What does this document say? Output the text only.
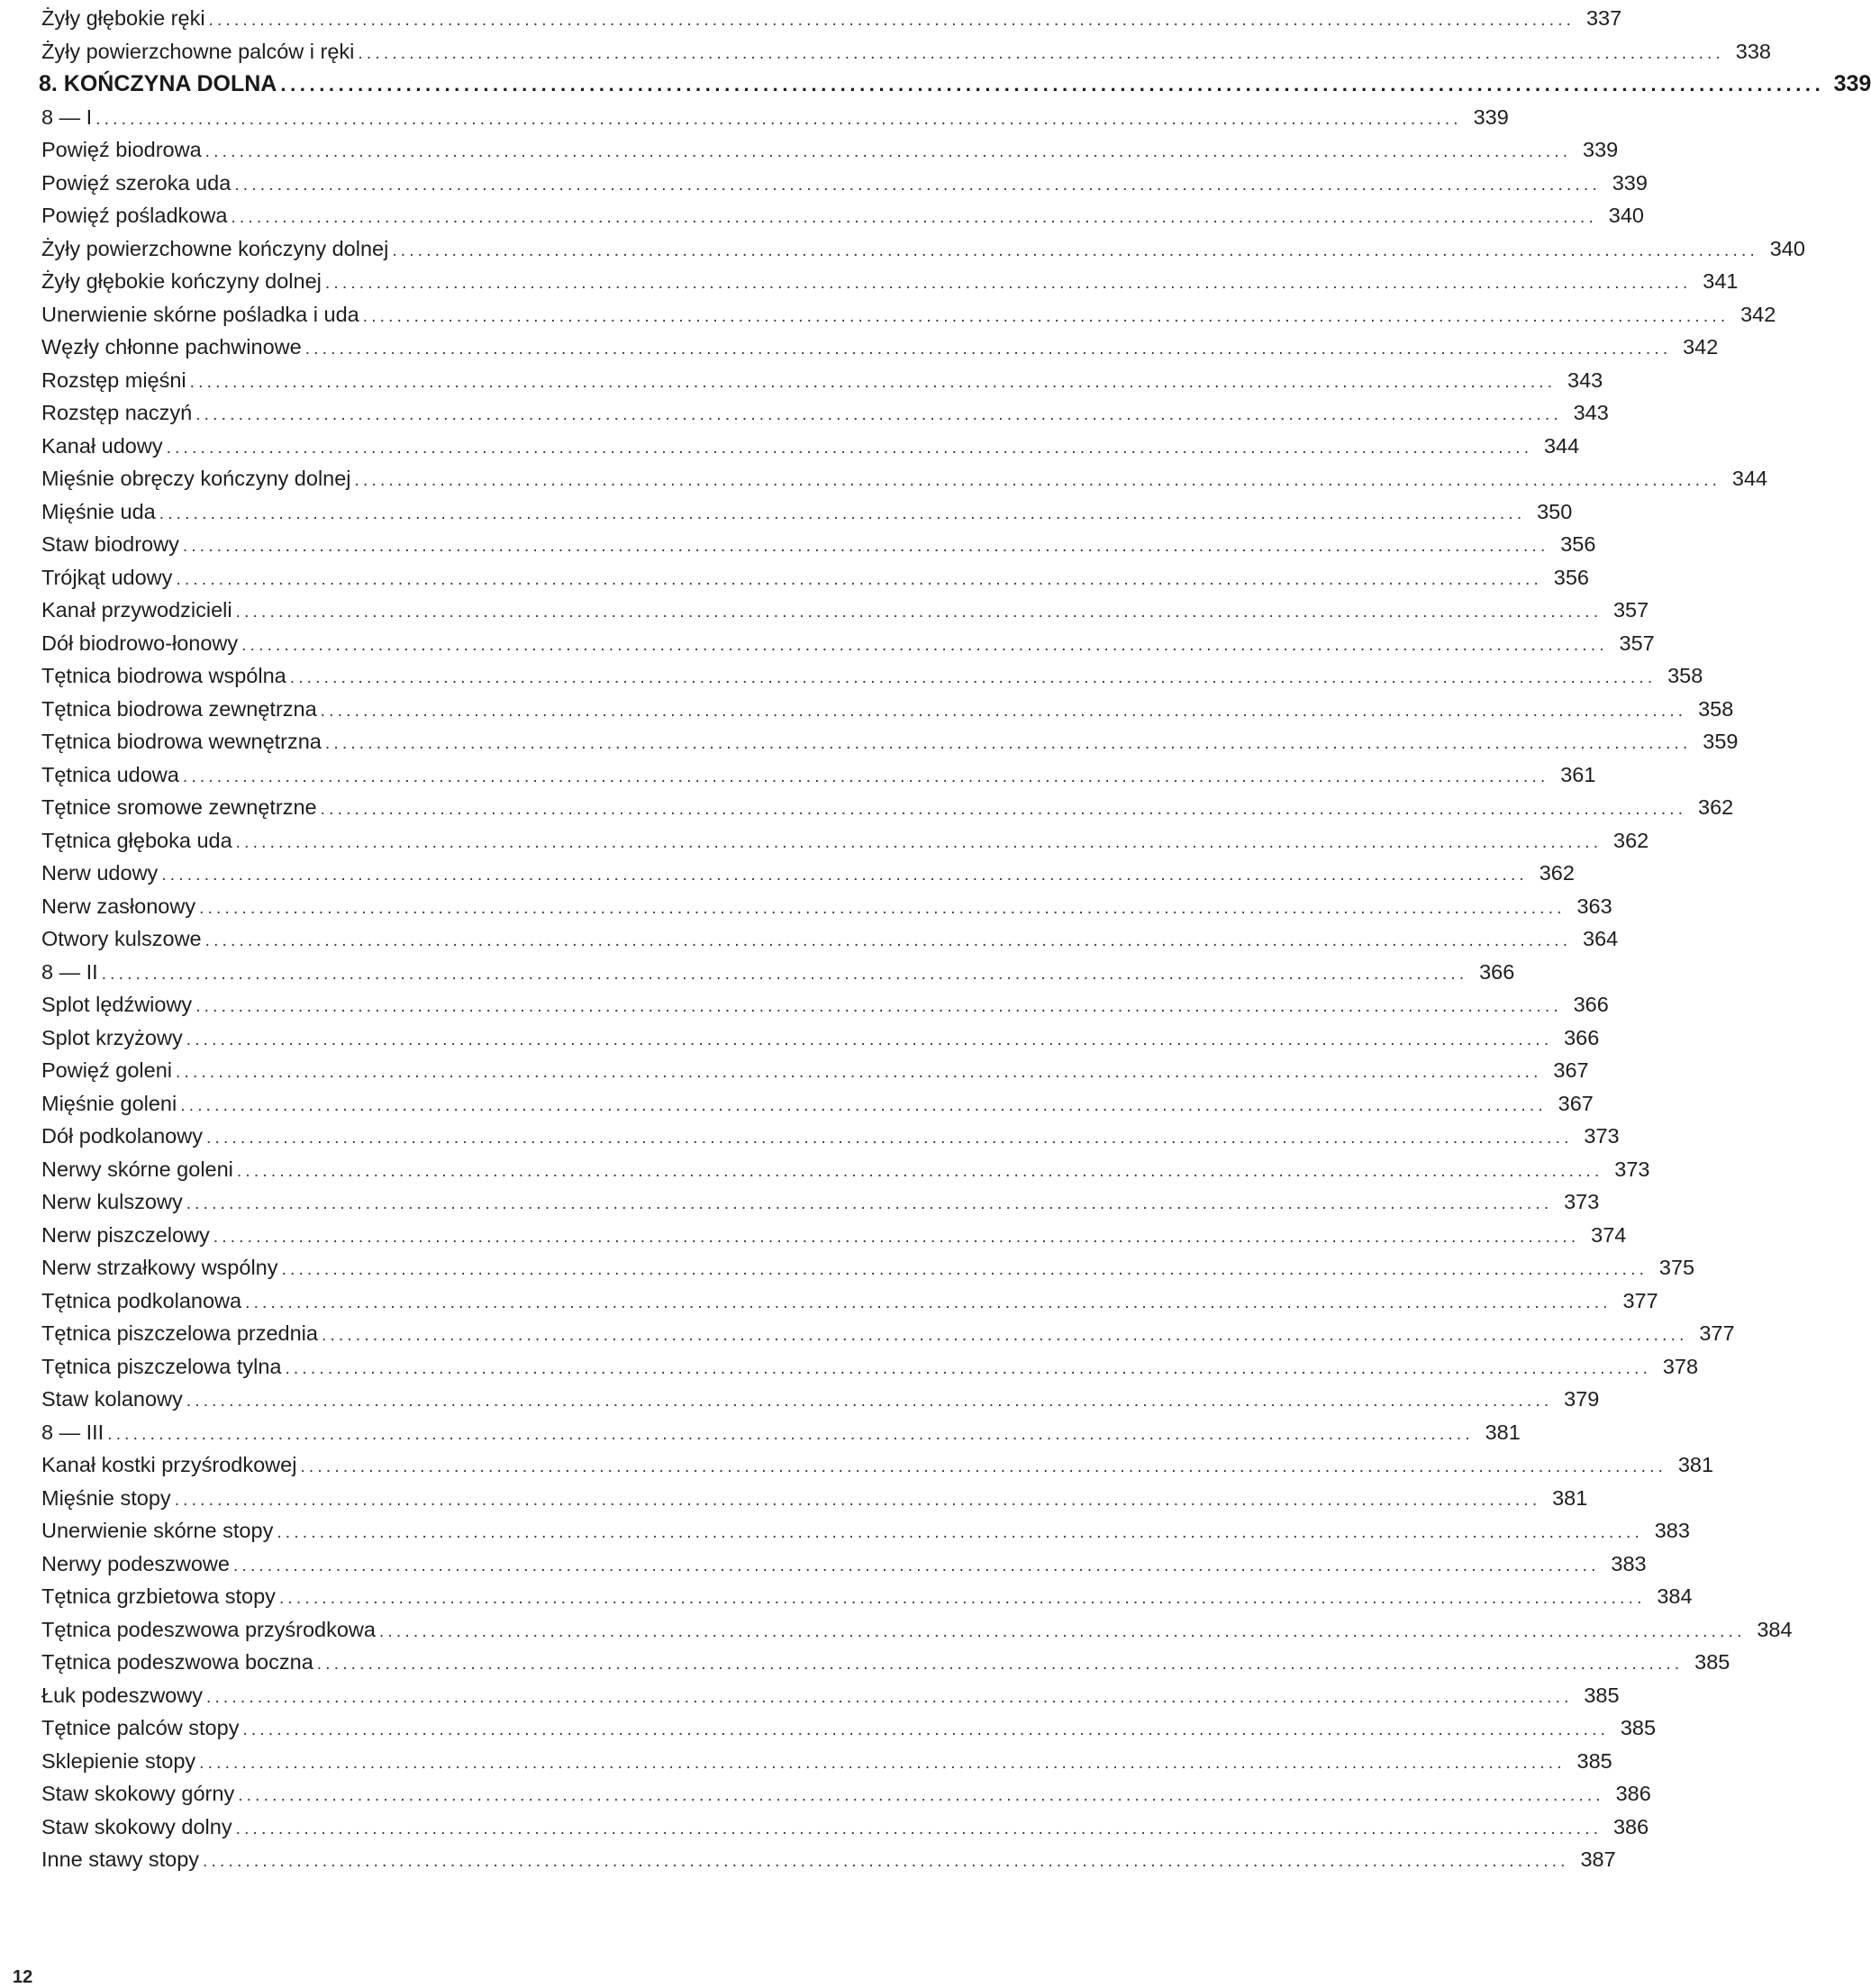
Żyły głębokie ręki ................................................................................................................................................................ 337
Żyły powierzchowne palców i ręki ................................................................................................................................................................ 338
8. KOŃCZYNA DOLNA ................................................................................................................................................................ 339
8 — I ................................................................................................................................................................ 339
Powięź biodrowa ................................................................................................................................................................ 339
Powięź szeroka uda ................................................................................................................................................................ 339
Powięź pośladkowa ................................................................................................................................................................ 340
Żyły powierzchowne kończyny dolnej ................................................................................................................................................................ 340
Żyły głębokie kończyny dolnej ................................................................................................................................................................ 341
Unerwienie skórne pośladka i uda ................................................................................................................................................................ 342
Węzły chłonne pachwinowe ................................................................................................................................................................ 342
Rozstęp mięśni ................................................................................................................................................................ 343
Rozstęp naczyń ................................................................................................................................................................ 343
Kanał udowy ................................................................................................................................................................ 344
Mięśnie obręczy kończyny dolnej ................................................................................................................................................................ 344
Mięśnie uda ................................................................................................................................................................ 350
Staw biodrowy ................................................................................................................................................................ 356
Trójkąt udowy ................................................................................................................................................................ 356
Kanał przywodzicieli ................................................................................................................................................................ 357
Dół biodrowo-łonowy ................................................................................................................................................................ 357
Tętnica biodrowa wspólna ................................................................................................................................................................ 358
Tętnica biodrowa zewnętrzna ................................................................................................................................................................ 358
Tętnica biodrowa wewnętrzna ................................................................................................................................................................ 359
Tętnica udowa ................................................................................................................................................................ 361
Tętnice sromowe zewnętrzne ................................................................................................................................................................ 362
Tętnica głęboka uda ................................................................................................................................................................ 362
Nerw udowy ................................................................................................................................................................ 362
Nerw zasłonowy ................................................................................................................................................................ 363
Otwory kulszowe ................................................................................................................................................................ 364
8 — II ................................................................................................................................................................ 366
Splot lędźwiowy ................................................................................................................................................................ 366
Splot krzyżowy ................................................................................................................................................................ 366
Powięź goleni ................................................................................................................................................................ 367
Mięśnie goleni ................................................................................................................................................................ 367
Dół podkolanowy ................................................................................................................................................................ 373
Nerwy skórne goleni ................................................................................................................................................................ 373
Nerw kulszowy ................................................................................................................................................................ 373
Nerw piszczelowy ................................................................................................................................................................ 374
Nerw strzałkowy wspólny ................................................................................................................................................................ 375
Tętnica podkolanowa ................................................................................................................................................................ 377
Tętnica piszczelowa przednia ................................................................................................................................................................ 377
Tętnica piszczelowa tylna ................................................................................................................................................................ 378
Staw kolanowy ................................................................................................................................................................ 379
8 — III ................................................................................................................................................................ 381
Kanał kostki przyśrodkowej ................................................................................................................................................................ 381
Mięśnie stopy ................................................................................................................................................................ 381
Unerwienie skórne stopy ................................................................................................................................................................ 383
Nerwy podeszwowe ................................................................................................................................................................ 383
Tętnica grzbietowa stopy ................................................................................................................................................................ 384
Tętnica podeszwowa przyśrodkowa ................................................................................................................................................................ 384
Tętnica podeszwowa boczna ................................................................................................................................................................ 385
Łuk podeszwowy ................................................................................................................................................................ 385
Tętnice palców stopy ................................................................................................................................................................ 385
Sklepienie stopy ................................................................................................................................................................ 385
Staw skokowy górny ................................................................................................................................................................ 386
Staw skokowy dolny ................................................................................................................................................................ 386
Inne stawy stopy ................................................................................................................................................................ 387
12
